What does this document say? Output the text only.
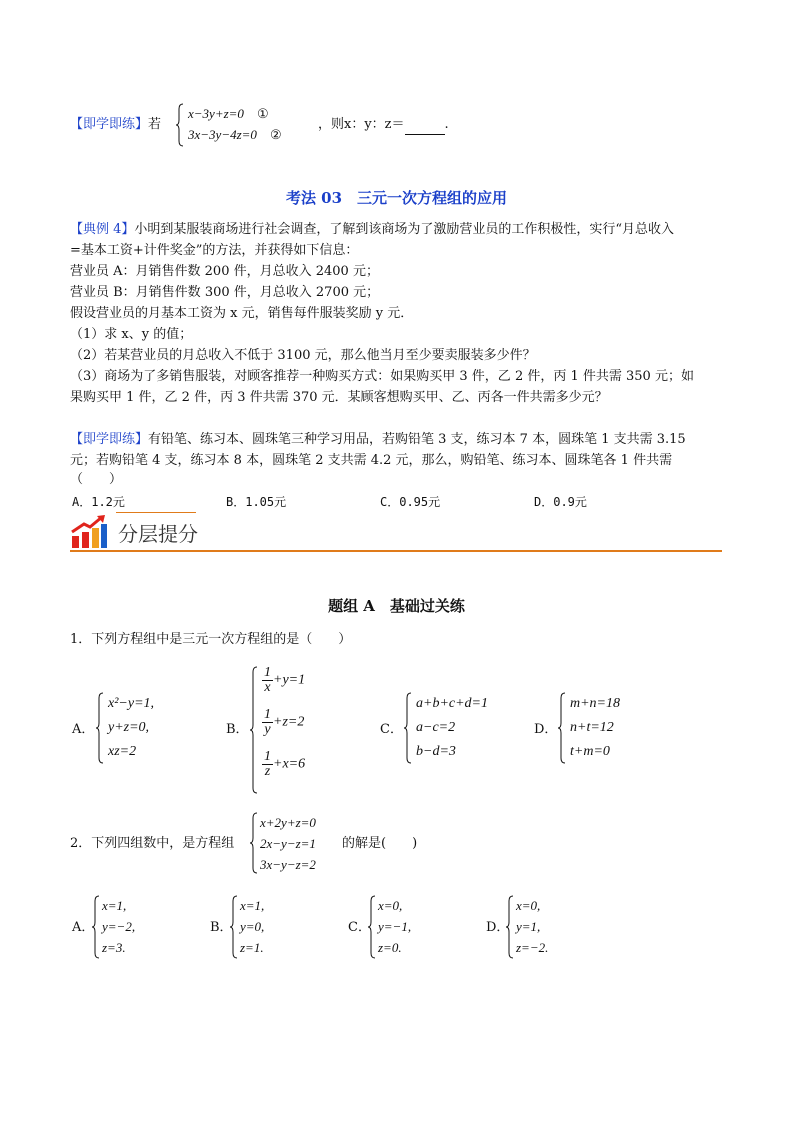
【即学即练】若
x−3y+z=0　 ①
3x−3y−4z=0　 ②
，则x：y：z＝	.
考法 03　三元一次方程组的应用
【典例 4】小明到某服装商场进行社会调查，了解到该商场为了激励营业员的工作积极性，实行“月总收入
=基本工资+计件奖金”的方法，并获得如下信息：
营业员 A：月销售件数 200 件，月总收入 2400 元；
营业员 B：月销售件数 300 件，月总收入 2700 元；
假设营业员的月基本工资为 x 元，销售每件服装奖励 y 元．
（1）求 x、y 的值；
（2）若某营业员的月总收入不低于 3100 元，那么他当月至少要卖服装多少件？
（3）商场为了多销售服装，对顾客推荐一种购买方式：如果购买甲 3 件，乙 2 件，丙 1 件共需 350 元；如
果购买甲 1 件，乙 2 件，丙 3 件共需 370 元．某顾客想购买甲、乙、丙各一件共需多少元？
【即学即练】有铅笔、练习本、圆珠笔三种学习用品，若购铅笔 3 支，练习本 7 本，圆珠笔 1 支共需 3.15
元；若购铅笔 4 支，练习本 8 本，圆珠笔 2 支共需 4.2 元，那么，购铅笔、练习本、圆珠笔各 1 件共需
（　　）
A．1.2元	B．1.05元	C．0.95元	D．0.9元
分层提分
题组 A　基础过关练
1．下列方程组中是三元一次方程组的是（　　）
A．
x²−y=1,
y+z=0,
xz=2
B．
$\frac{1}{x} +y=1$
$\frac{1}{y} +z=2$
$\frac{1}{z} +x=6$
C．
a+b+c+d=1
a−c=2
b−d=3
D．
m+n=18
n+t=12
t+m=0
2．下列四组数中，是方程组
x+2y+z=0
2x−y−z=1
3x−y−z=2
的解是(　　)
A．
x=1,
y=−2,
z=3.
B．
x=1,
y=0,
z=1.
C．
x=0,
y=−1,
z=0.
D．
x=0,
y=1,
z=−2.
